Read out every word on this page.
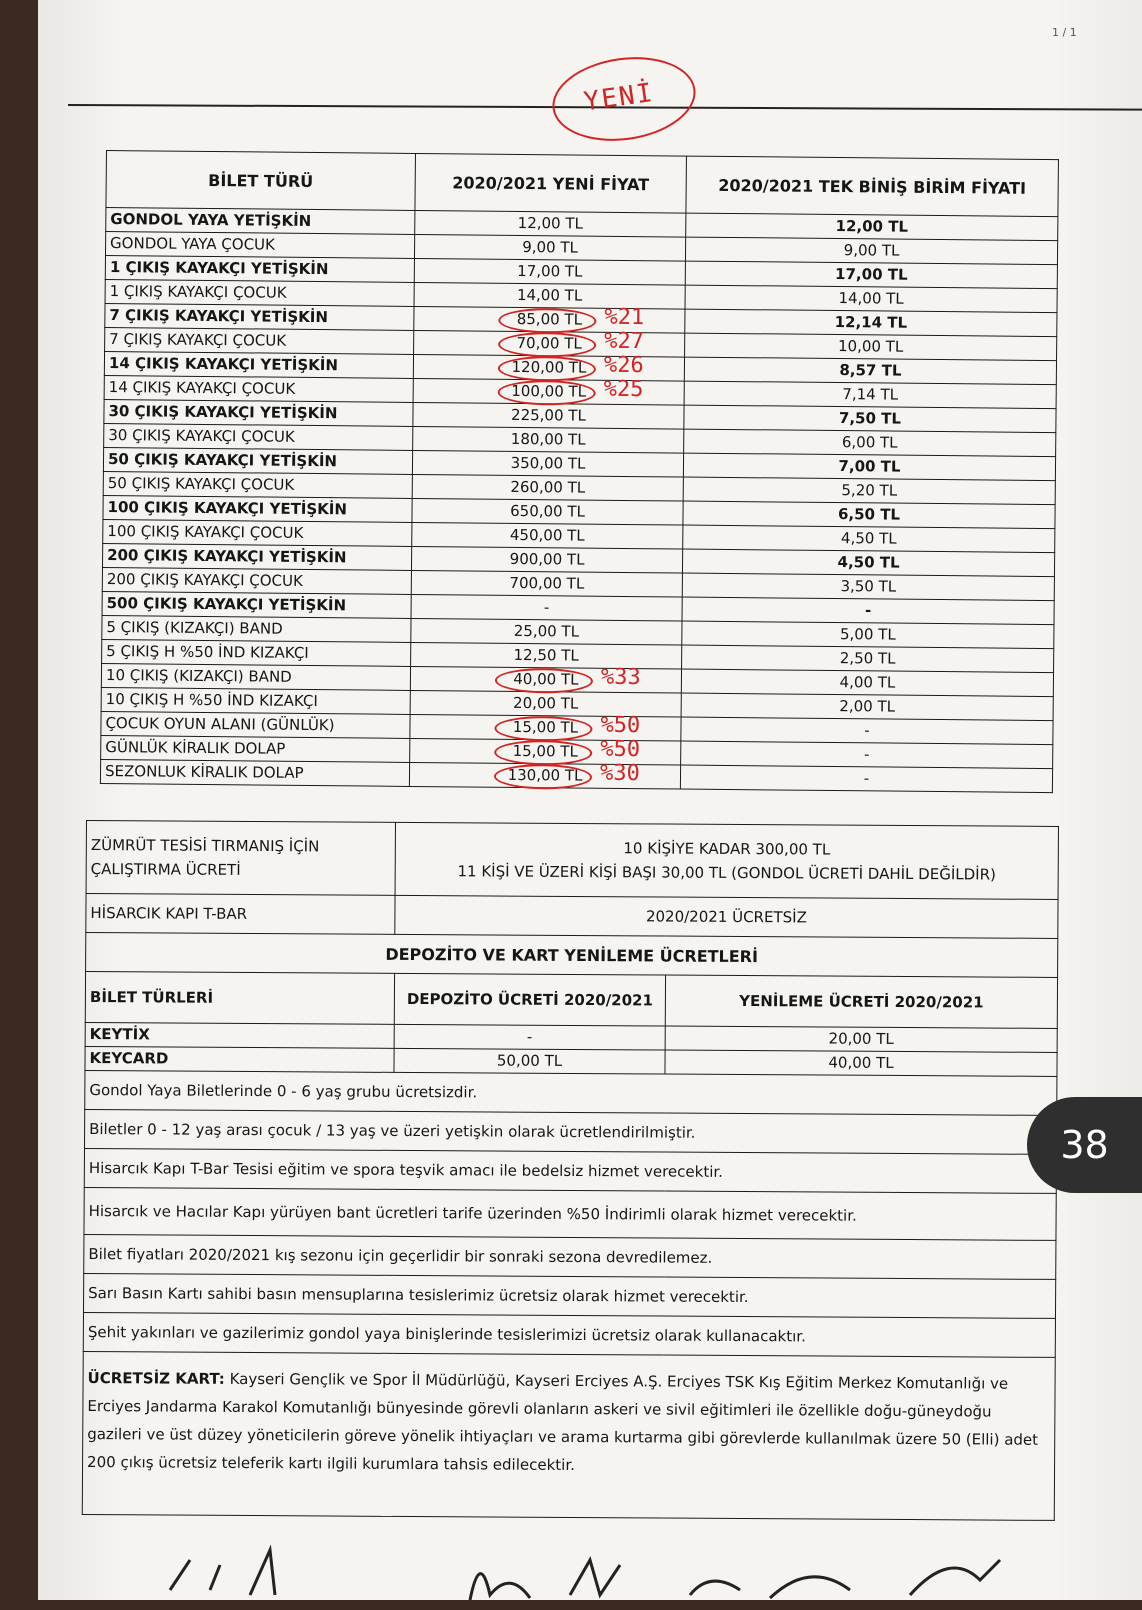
1 / 1
YENİ
BİLET TÜRÜ	2020/2021 YENİ FİYAT	2020/2021 TEK BİNİŞ BİRİM FİYATI
GONDOL YAYA YETİŞKİN	12,00 TL	12,00 TL
GONDOL YAYA ÇOCUK	9,00 TL	9,00 TL
1 ÇIKIŞ KAYAKÇI YETİŞKİN	17,00 TL	17,00 TL
1 ÇIKIŞ KAYAKÇI ÇOCUK	14,00 TL	14,00 TL
7 ÇIKIŞ KAYAKÇI YETİŞKİN	85,00 TL %21	12,14 TL
7 ÇIKIŞ KAYAKÇI ÇOCUK	70,00 TL %27	10,00 TL
14 ÇIKIŞ KAYAKÇI YETİŞKİN	120,00 TL %26	8,57 TL
14 ÇIKIŞ KAYAKÇI ÇOCUK	100,00 TL %25	7,14 TL
30 ÇIKIŞ KAYAKÇI YETİŞKİN	225,00 TL	7,50 TL
30 ÇIKIŞ KAYAKÇI ÇOCUK	180,00 TL	6,00 TL
50 ÇIKIŞ KAYAKÇI YETİŞKİN	350,00 TL	7,00 TL
50 ÇIKIŞ KAYAKÇI ÇOCUK	260,00 TL	5,20 TL
100 ÇIKIŞ KAYAKÇI YETİŞKİN	650,00 TL	6,50 TL
100 ÇIKIŞ KAYAKÇI ÇOCUK	450,00 TL	4,50 TL
200 ÇIKIŞ KAYAKÇI YETİŞKİN	900,00 TL	4,50 TL
200 ÇIKIŞ KAYAKÇI ÇOCUK	700,00 TL	3,50 TL
500 ÇIKIŞ KAYAKÇI YETİŞKİN	-	-
5 ÇIKIŞ (KIZAKÇI) BAND	25,00 TL	5,00 TL
5 ÇIKIŞ H %50 İND KIZAKÇI	12,50 TL	2,50 TL
10 ÇIKIŞ (KIZAKÇI) BAND	40,00 TL %33	4,00 TL
10 ÇIKIŞ H %50 İND KIZAKÇI	20,00 TL	2,00 TL
ÇOCUK OYUN ALANI (GÜNLÜK)	15,00 TL %50	-
GÜNLÜK KİRALIK DOLAP	15,00 TL %50	-
SEZONLUK KİRALIK DOLAP	130,00 TL %30	-
ZÜMRÜT TESİSİ TIRMANIŞ İÇİN ÇALIŞTIRMA ÜCRETİ	10 KİŞİYE KADAR 300,00 TL
11 KİŞİ VE ÜZERİ KİŞİ BAŞI 30,00 TL (GONDOL ÜCRETİ DAHİL DEĞİLDİR)	

HİSARCIK KAPI T-BAR	2020/2021 ÜCRETSİZ	
DEPOZİTO VE KART YENİLEME ÜCRETLERİ		
BİLET TÜRLERİ	DEPOZİTO ÜCRETİ 2020/2021	YENİLEME ÜCRETİ 2020/2021
KEYTİX	-	20,00 TL
KEYCARD	50,00 TL	40,00 TL
Gondol Yaya Biletlerinde 0 - 6 yaş grubu ücretsizdir.		
Biletler 0 - 12 yaş arası çocuk / 13 yaş ve üzeri yetişkin olarak ücretlendirilmiştir.		
Hisarcık Kapı T-Bar Tesisi eğitim ve spora teşvik amacı ile bedelsiz hizmet verecektir.		
Hisarcık ve Hacılar Kapı yürüyen bant ücretleri tarife üzerinden %50 İndirimli olarak hizmet verecektir.		
Bilet fiyatları 2020/2021 kış sezonu için geçerlidir bir sonraki sezona devredilemez.		
Sarı Basın Kartı sahibi basın mensuplarına tesislerimiz ücretsiz olarak hizmet verecektir.		
Şehit yakınları ve gazilerimiz gondol yaya binişlerinde tesislerimizi ücretsiz olarak kullanacaktır.		
ÜCRETSİZ KART: Kayseri Gençlik ve Spor İl Müdürlüğü, Kayseri Erciyes A.Ş. Erciyes TSK Kış Eğitim Merkez Komutanlığı ve Erciyes Jandarma Karakol Komutanlığı bünyesinde görevli olanların askeri ve sivil eğitimleri ile özellikle doğu-güneydoğu gazileri ve üst düzey yöneticilerin göreve yönelik ihtiyaçları ve arama kurtarma gibi görevlerde kullanılmak üzere 50 (Elli) adet 200 çıkış ücretsiz teleferik kartı ilgili kurumlara tahsis edilecektir.		
38
